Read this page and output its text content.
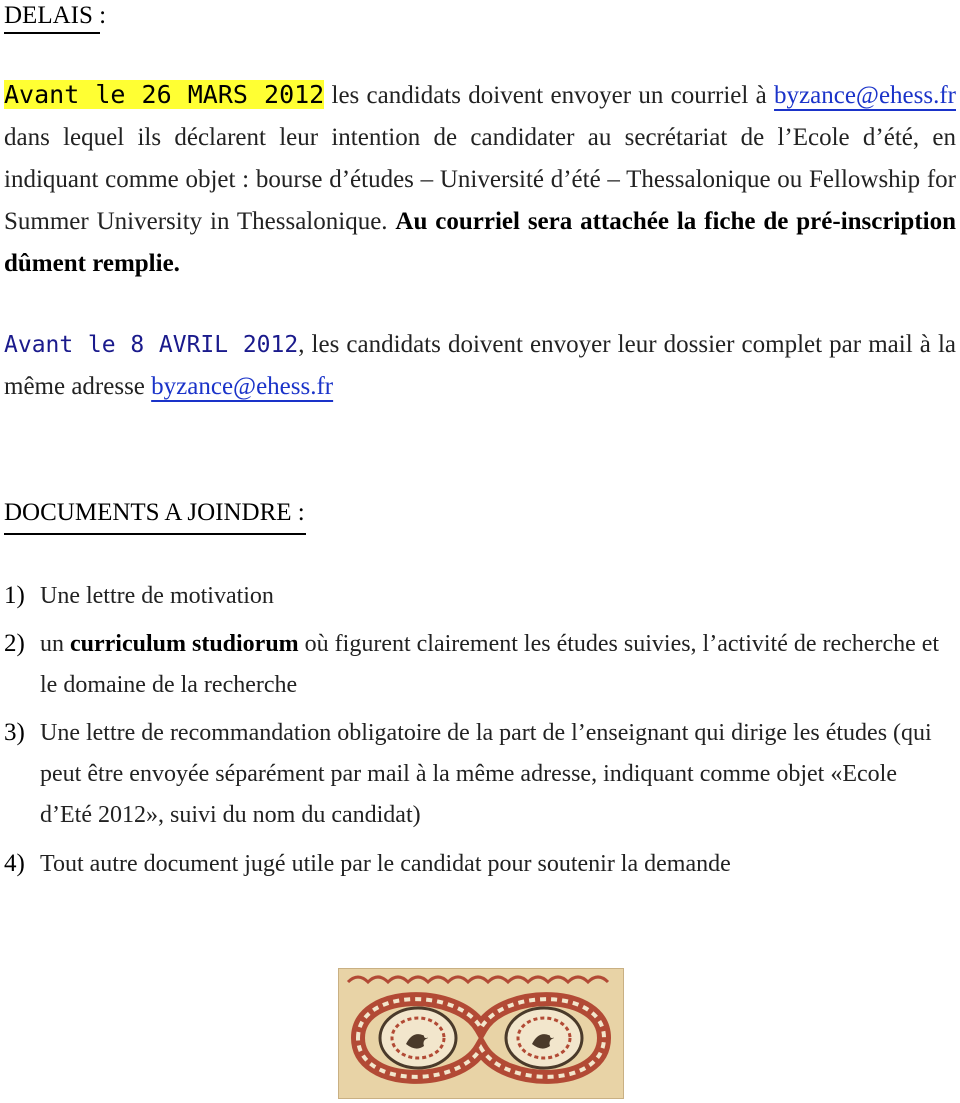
DELAIS :
Avant le 26 MARS 2012 les candidats doivent envoyer un courriel à byzance@ehess.fr dans lequel ils déclarent leur intention de candidater au secrétariat de l’Ecole d’été, en indiquant comme objet : bourse d’études – Université d’été – Thessalonique ou Fellowship for Summer University in Thessalonique. Au courriel sera attachée la fiche de pré-inscription dûment remplie.
Avant le 8 AVRIL 2012, les candidats doivent envoyer leur dossier complet par mail à la même adresse byzance@ehess.fr
DOCUMENTS A JOINDRE :
1) Une lettre de motivation
2) un curriculum studiorum où figurent clairement les études suivies, l’activité de recherche et le domaine de la recherche
3) Une lettre de recommandation obligatoire de la part de l’enseignant qui dirige les études (qui peut être envoyée séparément par mail à la même adresse, indiquant comme objet «Ecole d’Eté 2012», suivi du nom du candidat)
4) Tout autre document jugé utile par le candidat pour soutenir la demande
